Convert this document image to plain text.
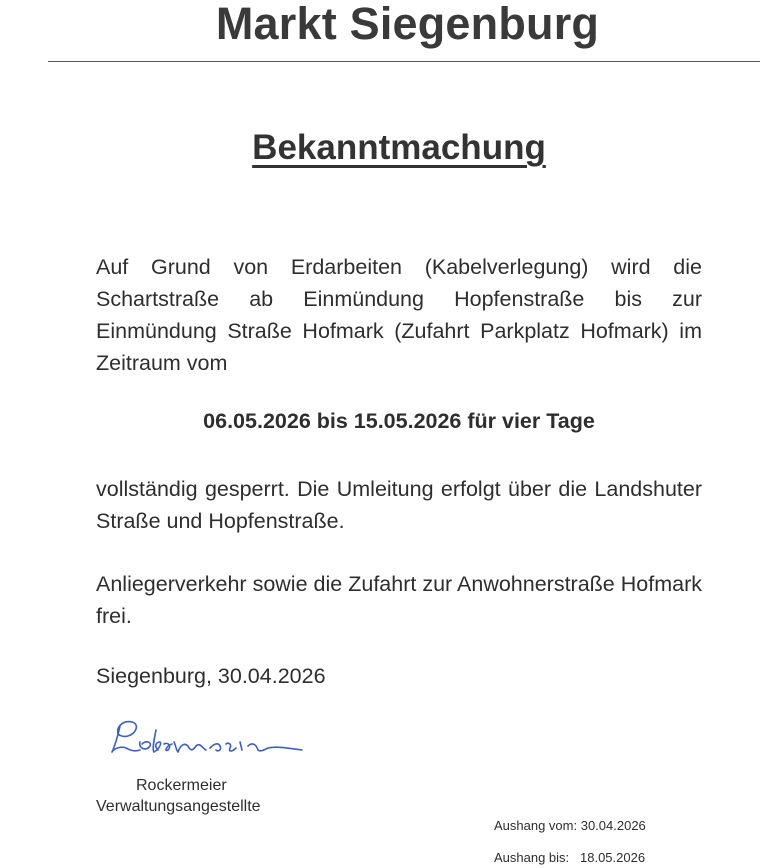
Markt Siegenburg
Bekanntmachung
Auf Grund von Erdarbeiten (Kabelverlegung) wird die Schartstraße ab Einmündung Hopfenstraße bis zur Einmündung Straße Hofmark (Zufahrt Parkplatz Hofmark) im Zeitraum vom
06.05.2026 bis 15.05.2026 für vier Tage
vollständig gesperrt. Die Umleitung erfolgt über die Landshuter Straße und Hopfenstraße.
Anliegerverkehr sowie die Zufahrt zur Anwohnerstraße Hofmark frei.
Siegenburg, 30.04.2026
Rockermeier
Verwaltungsangestellte
Aushang vom: 30.04.2026
Aushang bis:   18.05.2026
